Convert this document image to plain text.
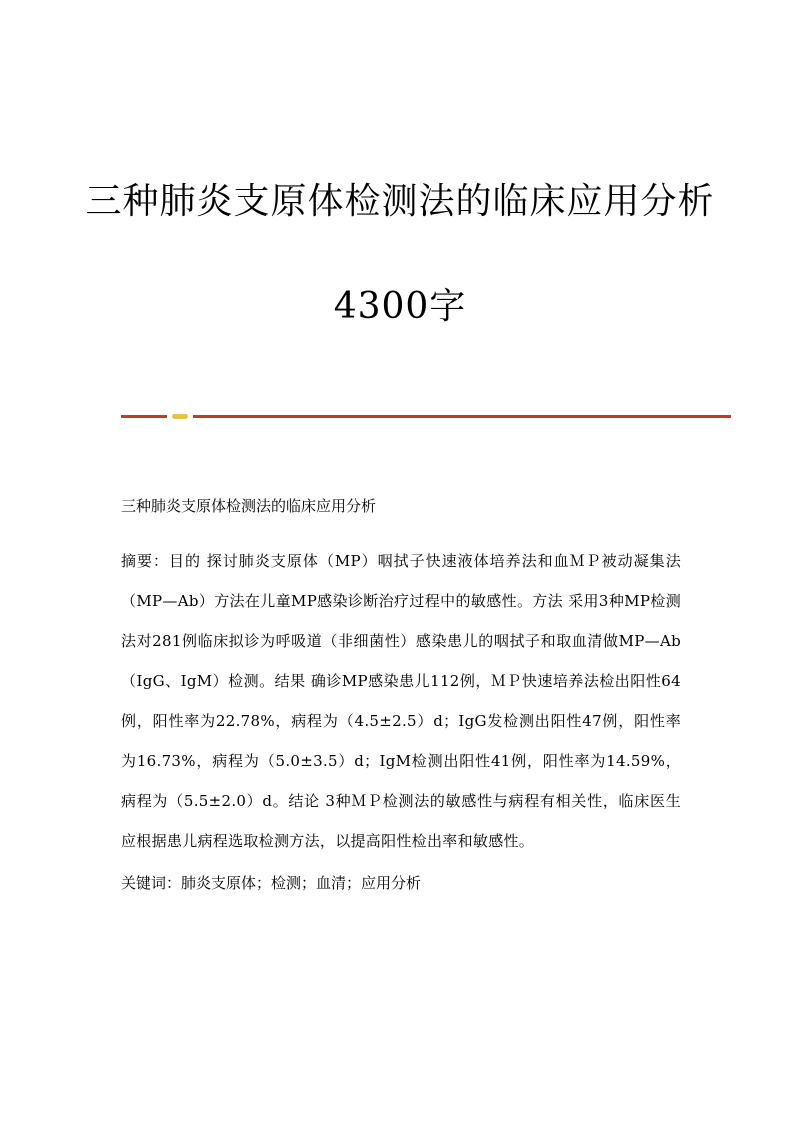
三种肺炎支原体检测法的临床应用分析
4300字

三种肺炎支原体检测法的临床应用分析

摘要：目的 探讨肺炎支原体（MP）咽拭子快速液体培养法和血ＭＰ被动凝集法（MP—Ab）方法在儿童MP感染诊断治疗过程中的敏感性。方法 采用3种MP检测法对281例临床拟诊为呼吸道（非细菌性）感染患儿的咽拭子和取血清做MP—Ab（IgG、IgM）检测。结果 确诊MP感染患儿112例，ＭＰ快速培养法检出阳性64例，阳性率为22.78%，病程为（4.5±2.5）d；IgG发检测出阳性47例，阳性率为16.73%，病程为（5.0±3.5）d；IgM检测出阳性41例，阳性率为14.59%，病程为（5.5±2.0）d。结论 3种ＭＰ检测法的敏感性与病程有相关性，临床医生应根据患儿病程选取检测方法，以提高阳性检出率和敏感性。

关键词：肺炎支原体；检测；血清；应用分析
